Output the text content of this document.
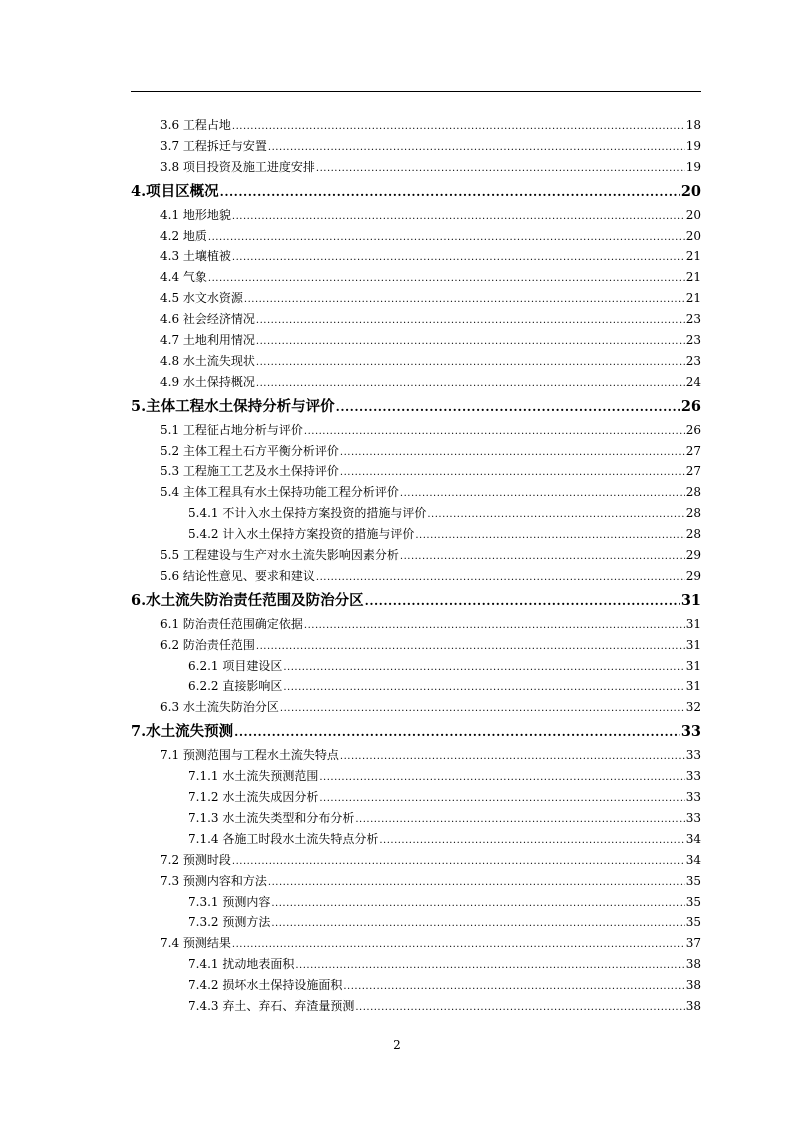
3.6 工程占地 .....	18
3.7 工程拆迁与安置 .....	19
3.8 项目投资及施工进度安排 .....	19
4.项目区概况 .....	20
4.1 地形地貌 .....	20
4.2 地质 .....	20
4.3 土壤植被 .....	21
4.4 气象 .....	21
4.5 水文水资源 .....	21
4.6 社会经济情况 .....	23
4.7 土地利用情况 .....	23
4.8 水土流失现状 .....	23
4.9 水土保持概况 .....	24
5.主体工程水土保持分析与评价 .....	26
5.1 工程征占地分析与评价 .....	26
5.2 主体工程土石方平衡分析评价 .....	27
5.3 工程施工工艺及水土保持评价 .....	27
5.4 主体工程具有水土保持功能工程分析评价 .....	28
5.4.1 不计入水土保持方案投资的措施与评价 .....	28
5.4.2 计入水土保持方案投资的措施与评价 .....	28
5.5 工程建设与生产对水土流失影响因素分析 .....	29
5.6 结论性意见、要求和建议 .....	29
6.水土流失防治责任范围及防治分区 .....	31
6.1 防治责任范围确定依据 .....	31
6.2 防治责任范围 .....	31
6.2.1 项目建设区 .....	31
6.2.2 直接影响区 .....	31
6.3 水土流失防治分区 .....	32
7.水土流失预测 .....	33
7.1 预测范围与工程水土流失特点 .....	33
7.1.1 水土流失预测范围 .....	33
7.1.2 水土流失成因分析 .....	33
7.1.3 水土流失类型和分布分析 .....	33
7.1.4 各施工时段水土流失特点分析 .....	34
7.2 预测时段 .....	34
7.3 预测内容和方法 .....	35
7.3.1 预测内容 .....	35
7.3.2 预测方法 .....	35
7.4 预测结果 .....	37
7.4.1 扰动地表面积 .....	38
7.4.2 损坏水土保持设施面积 .....	38
7.4.3 弃土、弃石、弃渣量预测 .....	38
2
